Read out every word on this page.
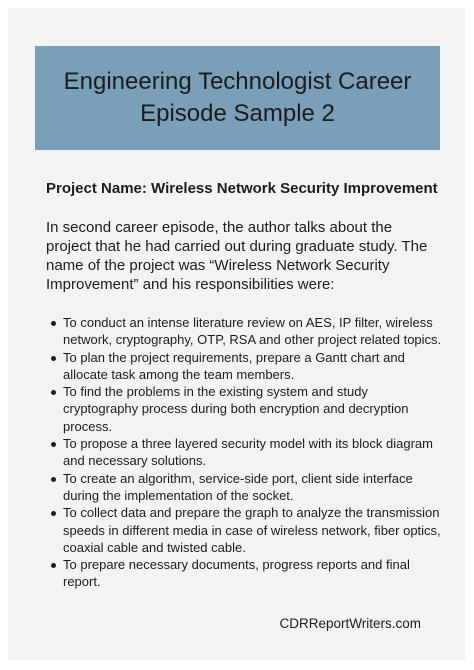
Engineering Technologist Career
Episode Sample 2

Project Name: Wireless Network Security Improvement

In second career episode, the author talks about the project that he had carried out during graduate study. The name of the project was “Wireless Network Security Improvement” and his responsibilities were:

To conduct an intense literature review on AES, IP filter, wireless network, cryptography, OTP, RSA and other project related topics.
To plan the project requirements, prepare a Gantt chart and allocate task among the team members.
To find the problems in the existing system and study cryptography process during both encryption and decryption process.
To propose a three layered security model with its block diagram and necessary solutions.
To create an algorithm, service-side port, client side interface during the implementation of the socket.
To collect data and prepare the graph to analyze the transmission speeds in different media in case of wireless network, fiber optics, coaxial cable and twisted cable.
To prepare necessary documents, progress reports and final report.

CDRReportWriters.com
